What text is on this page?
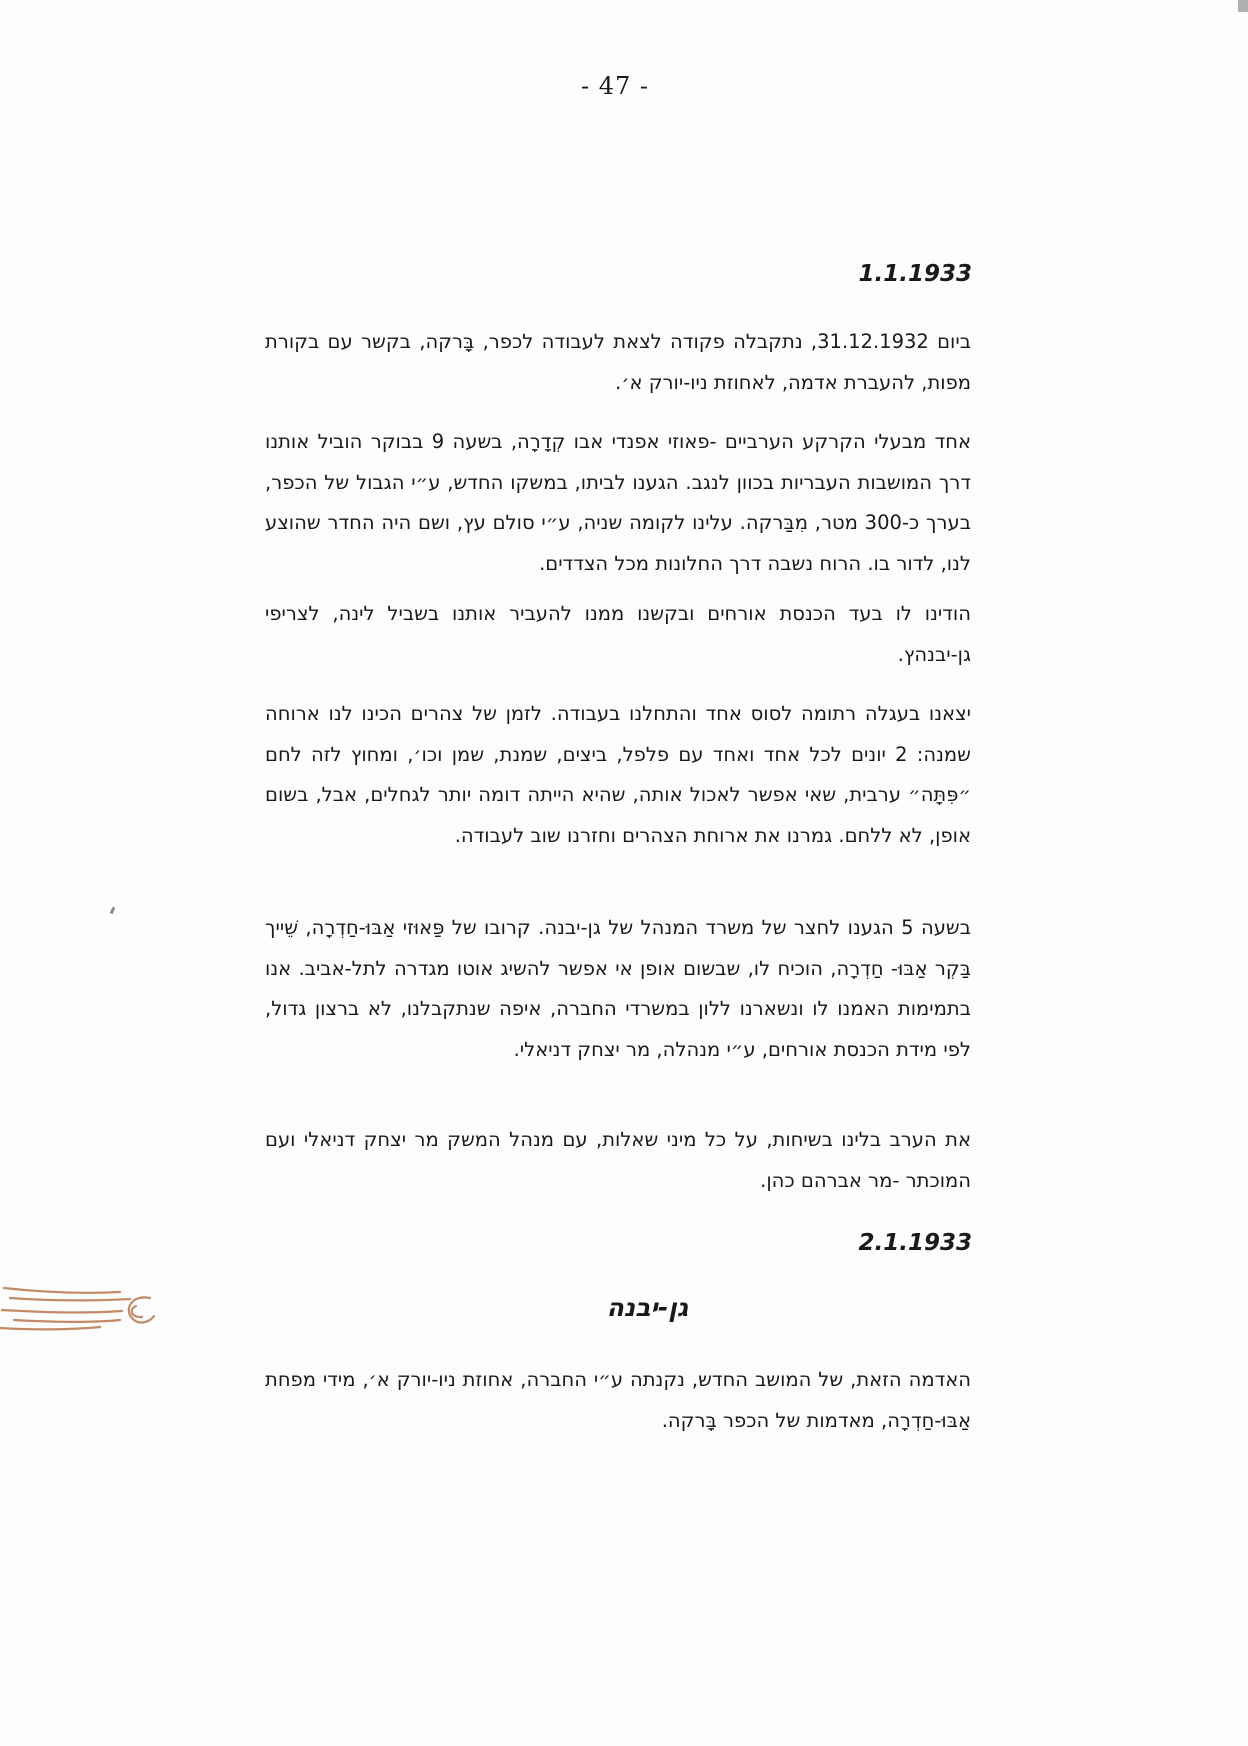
- 47 -
1.1.1933

ביום 31.12.1932, נתקבלה פקודה לצאת לעבודה לכפר, בָּרקה, בקשר עם בקורת מפות, להעברת אדמה, לאחוזת ניו-יורק א׳.

אחד מבעלי הקרקע הערביים -פאוזי אפנדי אבו קְדָרָה, בשעה 9 בבוקר הוביל אותנו דרך המושבות העבריות בכוון לנגב. הגענו לביתו, במשקו החדש, ע״י הגבול של הכפר, בערך כ-300 מטר, מִבַּרקה. עלינו לקומה שניה, ע״י סולם עץ, ושם היה החדר שהוצע לנו, לדור בו. הרוח נשבה דרך החלונות מכל הצדדים.

הודינו לו בעד הכנסת אורחים ובקשנו ממנו להעביר אותנו בשביל לינה, לצריפי גן-יבנהץ.

יצאנו בעגלה רתומה לסוס אחד והתחלנו בעבודה. לזמן של צהרים הכינו לנו ארוחה שמנה: 2 יונים לכל אחד ואחד עם פלפל, ביצים, שמנת, שמן וכו׳, ומחוץ לזה לחם ״פִּתָּה״ ערבית, שאי אפשר לאכול אותה, שהיא הייתה דומה יותר לגחלים, אבל, בשום אופן, לא ללחם. גמרנו את ארוחת הצהרים וחזרנו שוב לעבודה.

בשעה 5 הגענו לחצר של משרד המנהל של גן-יבנה. קרובו של פַּאוּזי אַבּוּ-חַדְרָה, שֵׁייך בַּקְר אַבּוּ- חַדְרָה, הוכיח לו, שבשום אופן אי אפשר להשיג אוטו מגדרה לתל-אביב. אנו בתמימות האמנו לו ונשארנו ללון במשרדי החברה, איפה שנתקבלנו, לא ברצון גדול, לפי מידת הכנסת אורחים, ע״י מנהלה, מר יצחק דניאלי.

את הערב בלינו בשיחות, על כל מיני שאלות, עם מנהל המשק מר יצחק דניאלי ועם המוכתר -מר אברהם כהן.

2.1.1933
גן-יבנה

האדמה הזאת, של המושב החדש, נקנתה ע״י החברה, אחוזת ניו-יורק א׳, מידי מפחת אַבּוּ-חַדְרָה, מאדמות של הכפר בָּרקה.
